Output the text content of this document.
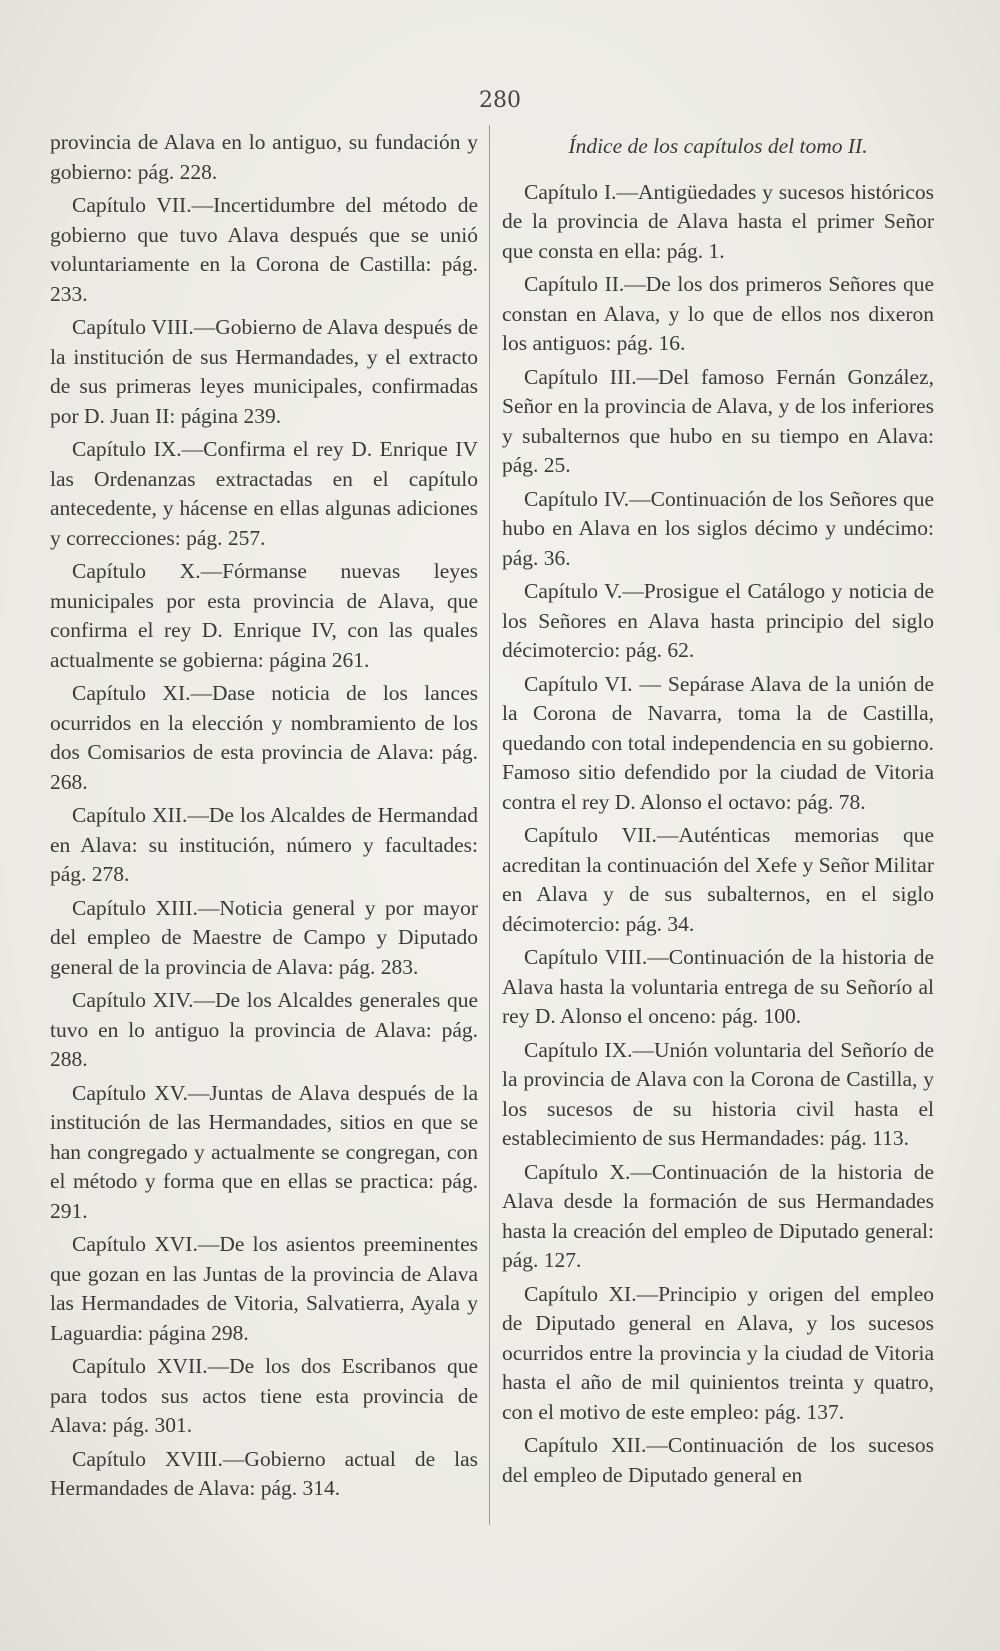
280

provincia de Alava en lo antiguo, su fundación y gobierno: pág. 228.

Capítulo VII.—Incertidumbre del método de gobierno que tuvo Alava después que se unió voluntariamente en la Corona de Castilla: pág. 233.

Capítulo VIII.—Gobierno de Alava después de la institución de sus Hermandades, y el extracto de sus primeras leyes municipales, confirmadas por D. Juan II: página 239.

Capítulo IX.—Confirma el rey D. Enrique IV las Ordenanzas extractadas en el capítulo antecedente, y hácense en ellas algunas adiciones y correcciones: pág. 257.

Capítulo X.—Fórmanse nuevas leyes municipales por esta provincia de Alava, que confirma el rey D. Enrique IV, con las quales actualmente se gobierna: página 261.

Capítulo XI.—Dase noticia de los lances ocurridos en la elección y nombramiento de los dos Comisarios de esta provincia de Alava: pág. 268.

Capítulo XII.—De los Alcaldes de Hermandad en Alava: su institución, número y facultades: pág. 278.

Capítulo XIII.—Noticia general y por mayor del empleo de Maestre de Campo y Diputado general de la provincia de Alava: pág. 283.

Capítulo XIV.—De los Alcaldes generales que tuvo en lo antiguo la provincia de Alava: pág. 288.

Capítulo XV.—Juntas de Alava después de la institución de las Hermandades, sitios en que se han congregado y actualmente se congregan, con el método y forma que en ellas se practica: pág. 291.

Capítulo XVI.—De los asientos preeminentes que gozan en las Juntas de la provincia de Alava las Hermandades de Vitoria, Salvatierra, Ayala y Laguardia: página 298.

Capítulo XVII.—De los dos Escribanos que para todos sus actos tiene esta provincia de Alava: pág. 301.

Capítulo XVIII.—Gobierno actual de las Hermandades de Alava: pág. 314.

Índice de los capítulos del tomo II.

Capítulo I.—Antigüedades y sucesos históricos de la provincia de Alava hasta el primer Señor que consta en ella: pág. 1.

Capítulo II.—De los dos primeros Señores que constan en Alava, y lo que de ellos nos dixeron los antiguos: pág. 16.

Capítulo III.—Del famoso Fernán González, Señor en la provincia de Alava, y de los inferiores y subalternos que hubo en su tiempo en Alava: pág. 25.

Capítulo IV.—Continuación de los Señores que hubo en Alava en los siglos décimo y undécimo: pág. 36.

Capítulo V.—Prosigue el Catálogo y noticia de los Señores en Alava hasta principio del siglo décimotercio: pág. 62.

Capítulo VI. — Sepárase Alava de la unión de la Corona de Navarra, toma la de Castilla, quedando con total independencia en su gobierno. Famoso sitio defendido por la ciudad de Vitoria contra el rey D. Alonso el octavo: pág. 78.

Capítulo VII.—Auténticas memorias que acreditan la continuación del Xefe y Señor Militar en Alava y de sus subalternos, en el siglo décimotercio: pág. 34.

Capítulo VIII.—Continuación de la historia de Alava hasta la voluntaria entrega de su Señorío al rey D. Alonso el onceno: pág. 100.

Capítulo IX.—Unión voluntaria del Señorío de la provincia de Alava con la Corona de Castilla, y los sucesos de su historia civil hasta el establecimiento de sus Hermandades: pág. 113.

Capítulo X.—Continuación de la historia de Alava desde la formación de sus Hermandades hasta la creación del empleo de Diputado general: pág. 127.

Capítulo XI.—Principio y origen del empleo de Diputado general en Alava, y los sucesos ocurridos entre la provincia y la ciudad de Vitoria hasta el año de mil quinientos treinta y quatro, con el motivo de este empleo: pág. 137.

Capítulo XII.—Continuación de los sucesos del empleo de Diputado general en
